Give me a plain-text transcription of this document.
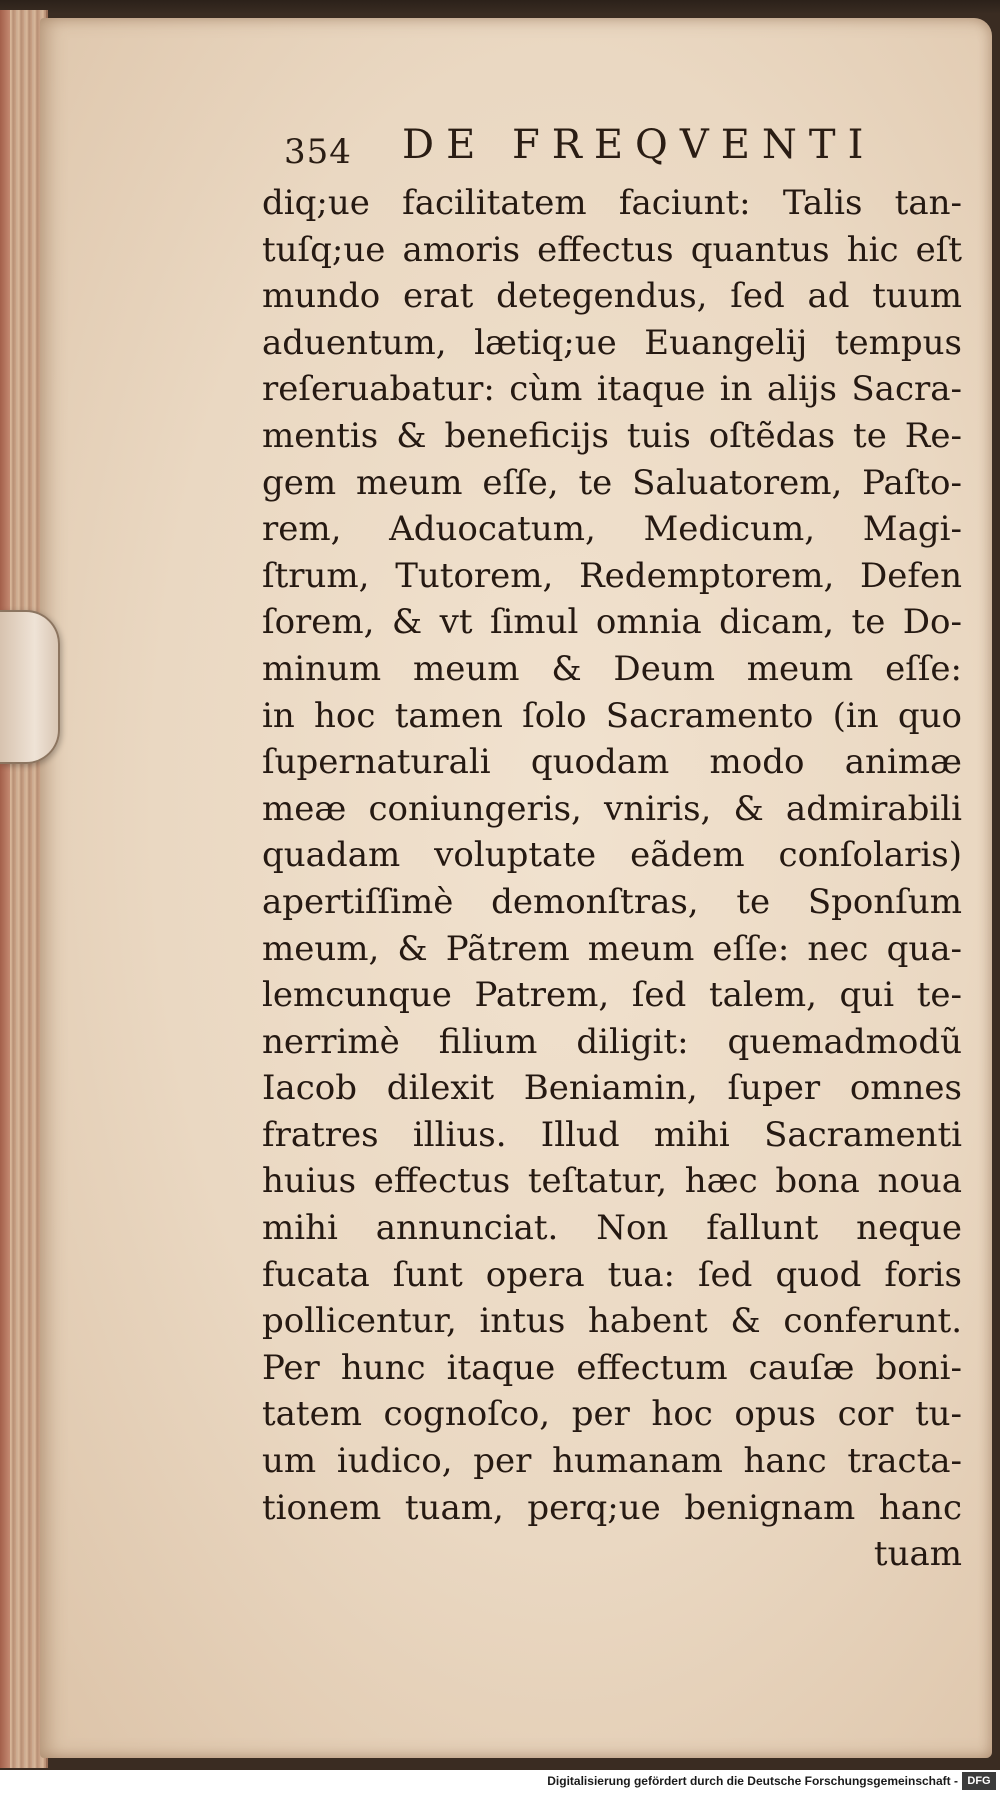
354 DE FREQVENTI
diq;ue facilitatem faciunt: Talis tan-
tuſq;ue amoris effectus quantus hic eſt
mundo erat detegendus, ſed ad tuum
aduentum, lætiq;ue Euangelij tempus
reſeruabatur: cùm itaque in alijs Sacra-
mentis & beneficijs tuis oſtẽdas te Re-
gem meum eſſe, te Saluatorem, Paſto-
rem, Aduocatum, Medicum, Magi-
ſtrum, Tutorem, Redemptorem, Defen
ſorem, & vt ſimul omnia dicam, te Do-
minum meum & Deum meum eſſe:
in hoc tamen ſolo Sacramento (in quo
ſupernaturali quodam modo animæ
meæ coniungeris, vniris, & admirabili
quadam voluptate eãdem conſolaris)
apertiſſimè demonſtras, te Sponſum
meum, & Pãtrem meum eſſe: nec qua-
lemcunque Patrem, ſed talem, qui te-
nerrimè filium diligit: quemadmodũ
Iacob dilexit Beniamin, ſuper omnes
fratres illius. Illud mihi Sacramenti
huius effectus teſtatur, hæc bona noua
mihi annunciat. Non fallunt neque
fucata ſunt opera tua: ſed quod foris
pollicentur, intus habent & conferunt.
Per hunc itaque effectum cauſæ boni-
tatem cognoſco, per hoc opus cor tu-
um iudico, per humanam hanc tracta-
tionem tuam, perq;ue benignam hanc
tuam
Digitalisierung gefördert durch die Deutsche Forschungsgemeinschaft - DFG
